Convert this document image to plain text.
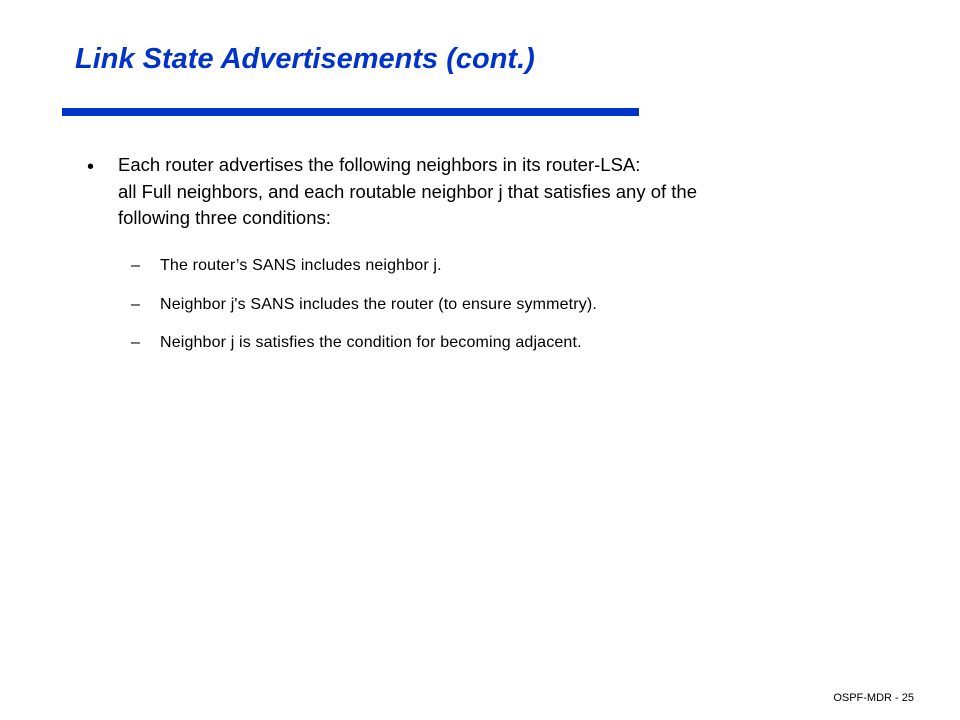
Link State Advertisements (cont.)
• Each router advertises the following neighbors in its router-LSA:
all Full neighbors, and each routable neighbor j that satisfies any of the
following three conditions:
– The router’s SANS includes neighbor j.
– Neighbor j's SANS includes the router (to ensure symmetry).
– Neighbor j is satisfies the condition for becoming adjacent.
OSPF-MDR - 25
